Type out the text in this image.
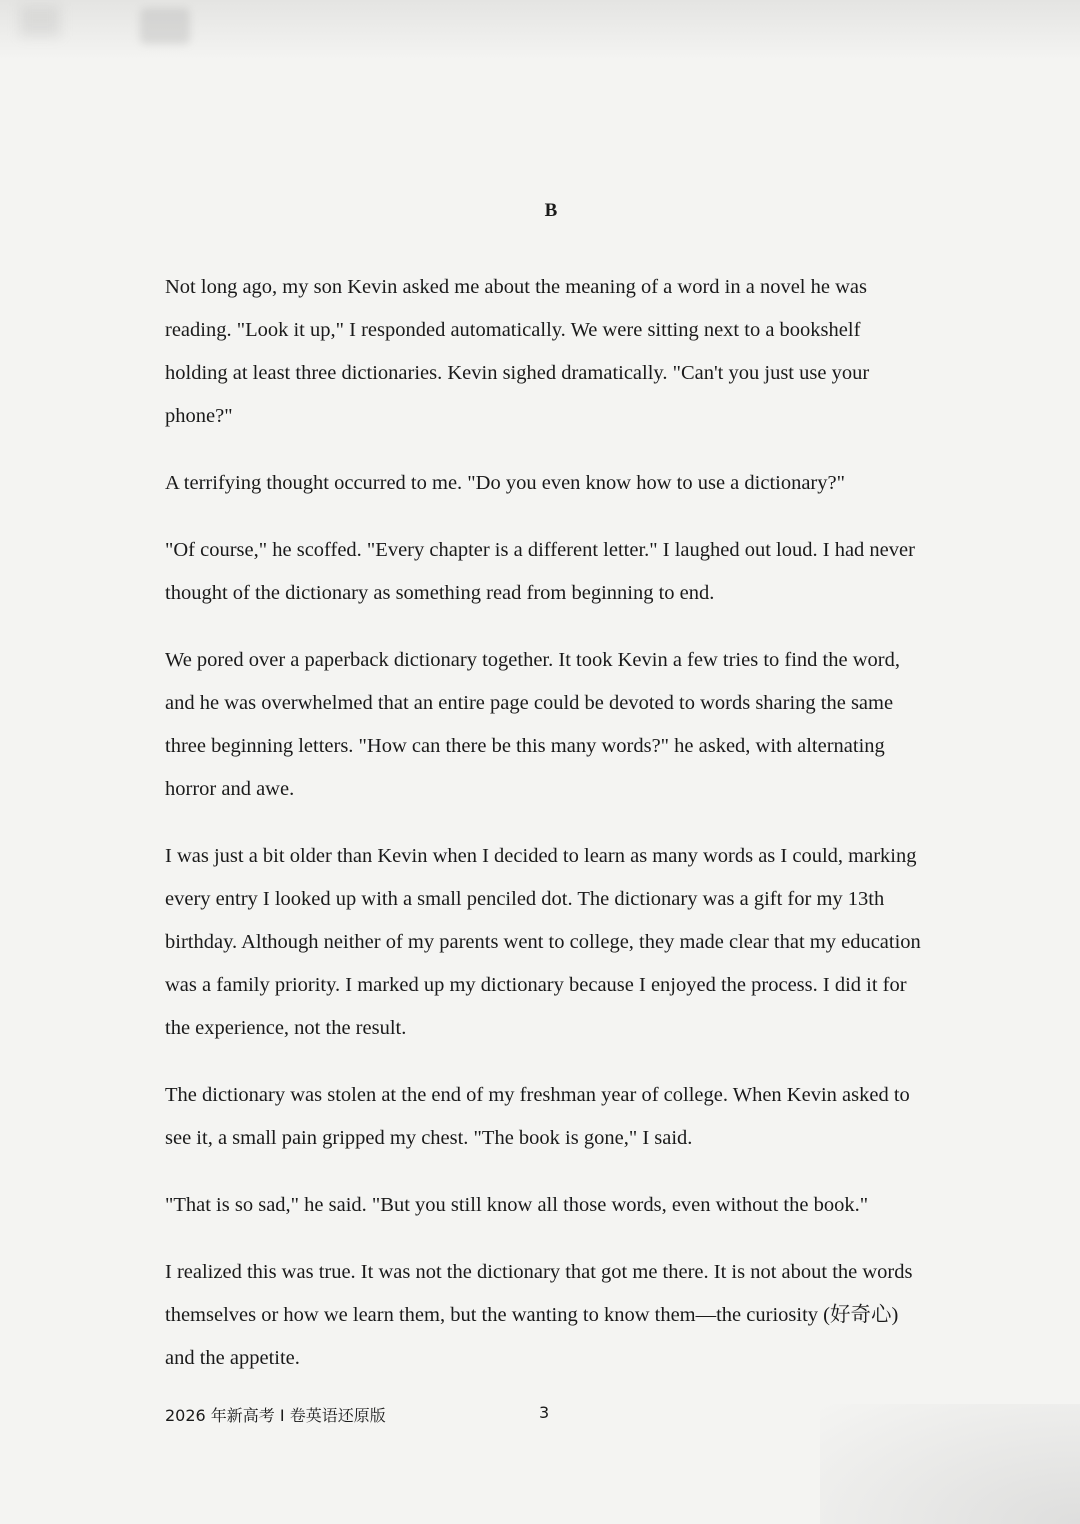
B

Not long ago, my son Kevin asked me about the meaning of a word in a novel he was reading. "Look it up," I responded automatically. We were sitting next to a bookshelf holding at least three dictionaries. Kevin sighed dramatically. "Can't you just use your phone?"

A terrifying thought occurred to me. "Do you even know how to use a dictionary?"

"Of course," he scoffed. "Every chapter is a different letter." I laughed out loud. I had never thought of the dictionary as something read from beginning to end.

We pored over a paperback dictionary together. It took Kevin a few tries to find the word, and he was overwhelmed that an entire page could be devoted to words sharing the same three beginning letters. "How can there be this many words?" he asked, with alternating horror and awe.

I was just a bit older than Kevin when I decided to learn as many words as I could, marking every entry I looked up with a small penciled dot. The dictionary was a gift for my 13th birthday. Although neither of my parents went to college, they made clear that my education was a family priority. I marked up my dictionary because I enjoyed the process. I did it for the experience, not the result.

The dictionary was stolen at the end of my freshman year of college. When Kevin asked to see it, a small pain gripped my chest. "The book is gone," I said.

"That is so sad," he said. "But you still know all those words, even without the book."

I realized this was true. It was not the dictionary that got me there. It is not about the words themselves or how we learn them, but the wanting to know them—the curiosity (好奇心) and the appetite.

2026 年新高考 I 卷英语还原版	3
